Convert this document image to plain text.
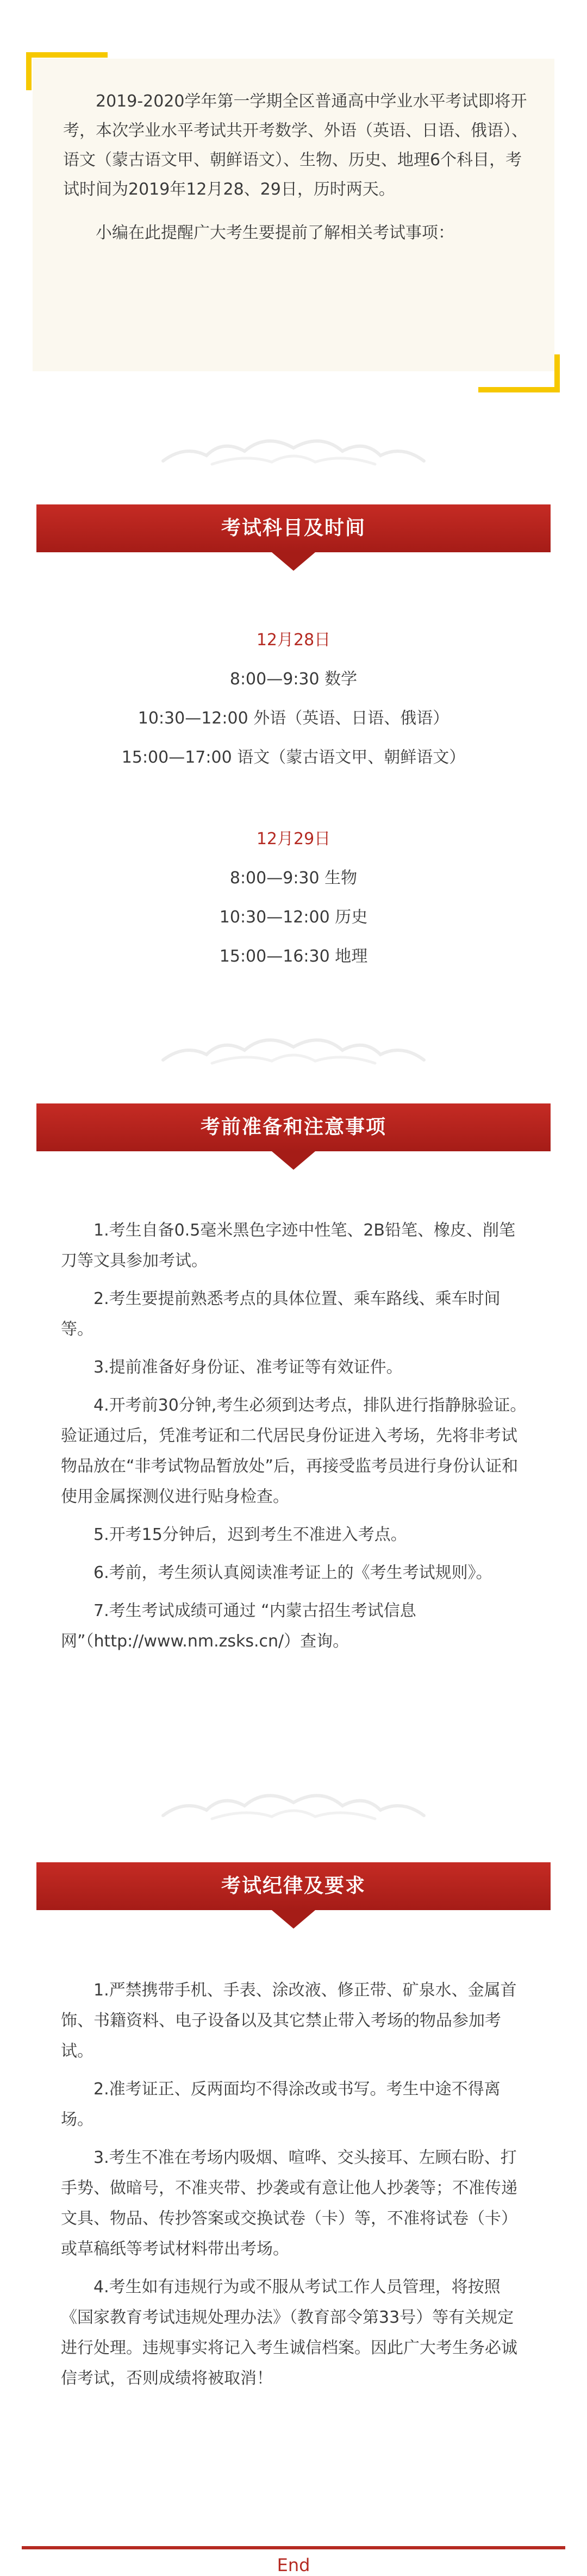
2019-2020学年第一学期全区普通高中学业水平考试即将开考，本次学业水平考试共开考数学、外语（英语、日语、俄语）、语文（蒙古语文甲、朝鲜语文）、生物、历史、地理6个科目，考试时间为2019年12月28、29日，历时两天。

小编在此提醒广大考生要提前了解相关考试事项：

考试科目及时间
12月28日
8:00—9:30 数学
10:30—12:00 外语（英语、日语、俄语）
15:00—17:00 语文（蒙古语文甲、朝鲜语文）
12月29日
8:00—9:30 生物
10:30—12:00 历史
15:00—16:30 地理
考前准备和注意事项

1.考生自备0.5毫米黑色字迹中性笔、2B铅笔、橡皮、削笔刀等文具参加考试。

2.考生要提前熟悉考点的具体位置、乘车路线、乘车时间等。

3.提前准备好身份证、准考证等有效证件。

4.开考前30分钟,考生必须到达考点，排队进行指静脉验证。验证通过后，凭准考证和二代居民身份证进入考场，先将非考试物品放在“非考试物品暂放处”后，再接受监考员进行身份认证和使用金属探测仪进行贴身检查。

5.开考15分钟后，迟到考生不准进入考点。

6.考前，考生须认真阅读准考证上的《考生考试规则》。

7.考生考试成绩可通过 “内蒙古招生考试信息网”（http://www.nm.zsks.cn/）查询。

考试纪律及要求

1.严禁携带手机、手表、涂改液、修正带、矿泉水、金属首饰、书籍资料、电子设备以及其它禁止带入考场的物品参加考试。

2.准考证正、反两面均不得涂改或书写。考生中途不得离场。

3.考生不准在考场内吸烟、喧哗、交头接耳、左顾右盼、打手势、做暗号，不准夹带、抄袭或有意让他人抄袭等；不准传递文具、物品、传抄答案或交换试卷（卡）等，不准将试卷（卡）或草稿纸等考试材料带出考场。

4.考生如有违规行为或不服从考试工作人员管理，将按照《国家教育考试违规处理办法》（教育部令第33号）等有关规定进行处理。违规事实将记入考生诚信档案。因此广大考生务必诚信考试，否则成绩将被取消！

End
